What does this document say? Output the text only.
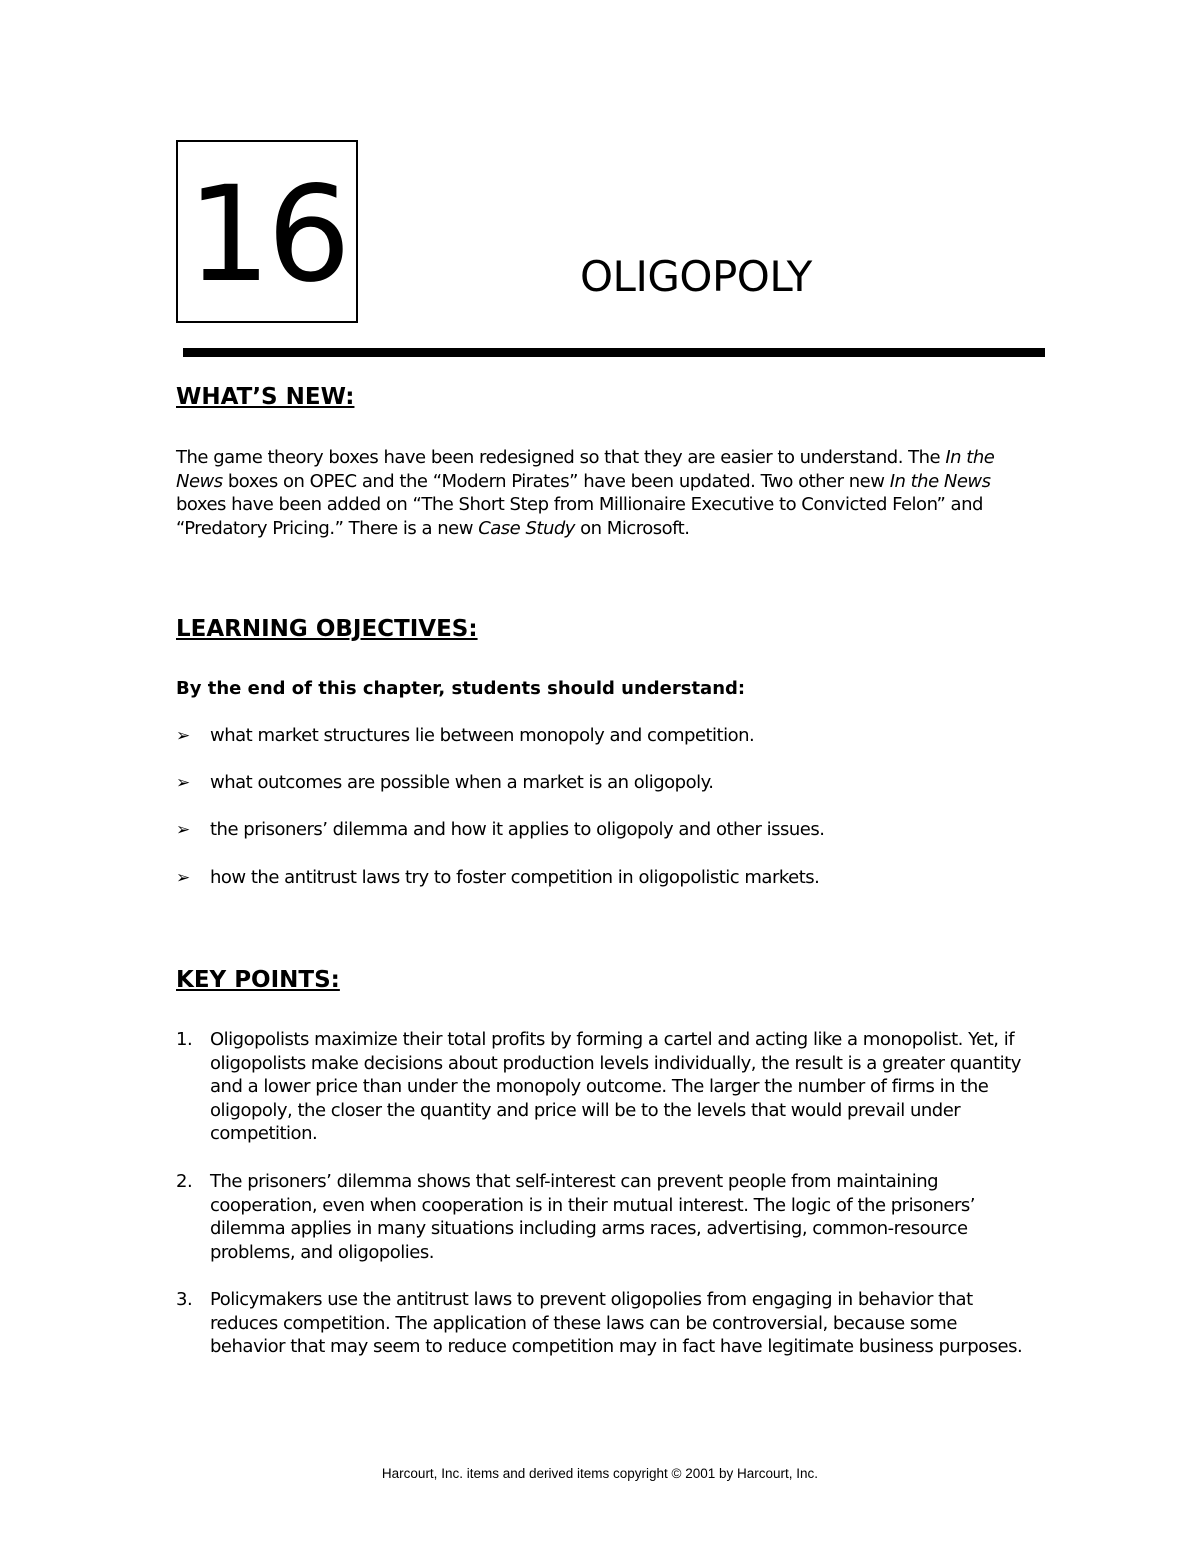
16	OLIGOPOLY
WHAT’S NEW:
The game theory boxes have been redesigned so that they are easier to understand. The In the News boxes on OPEC and the “Modern Pirates” have been updated. Two other new In the News boxes have been added on “The Short Step from Millionaire Executive to Convicted Felon” and “Predatory Pricing.” There is a new Case Study on Microsoft.
LEARNING OBJECTIVES:
By the end of this chapter, students should understand:
➢	what market structures lie between monopoly and competition.
➢	what outcomes are possible when a market is an oligopoly.
➢	the prisoners’ dilemma and how it applies to oligopoly and other issues.
➢	how the antitrust laws try to foster competition in oligopolistic markets.
KEY POINTS:
1. Oligopolists maximize their total profits by forming a cartel and acting like a monopolist. Yet, if oligopolists make decisions about production levels individually, the result is a greater quantity and a lower price than under the monopoly outcome. The larger the number of firms in the oligopoly, the closer the quantity and price will be to the levels that would prevail under competition.
2. The prisoners’ dilemma shows that self-interest can prevent people from maintaining cooperation, even when cooperation is in their mutual interest. The logic of the prisoners’ dilemma applies in many situations including arms races, advertising, common-resource problems, and oligopolies.
3. Policymakers use the antitrust laws to prevent oligopolies from engaging in behavior that reduces competition. The application of these laws can be controversial, because some behavior that may seem to reduce competition may in fact have legitimate business purposes.
Harcourt, Inc. items and derived items copyright © 2001 by Harcourt, Inc.
